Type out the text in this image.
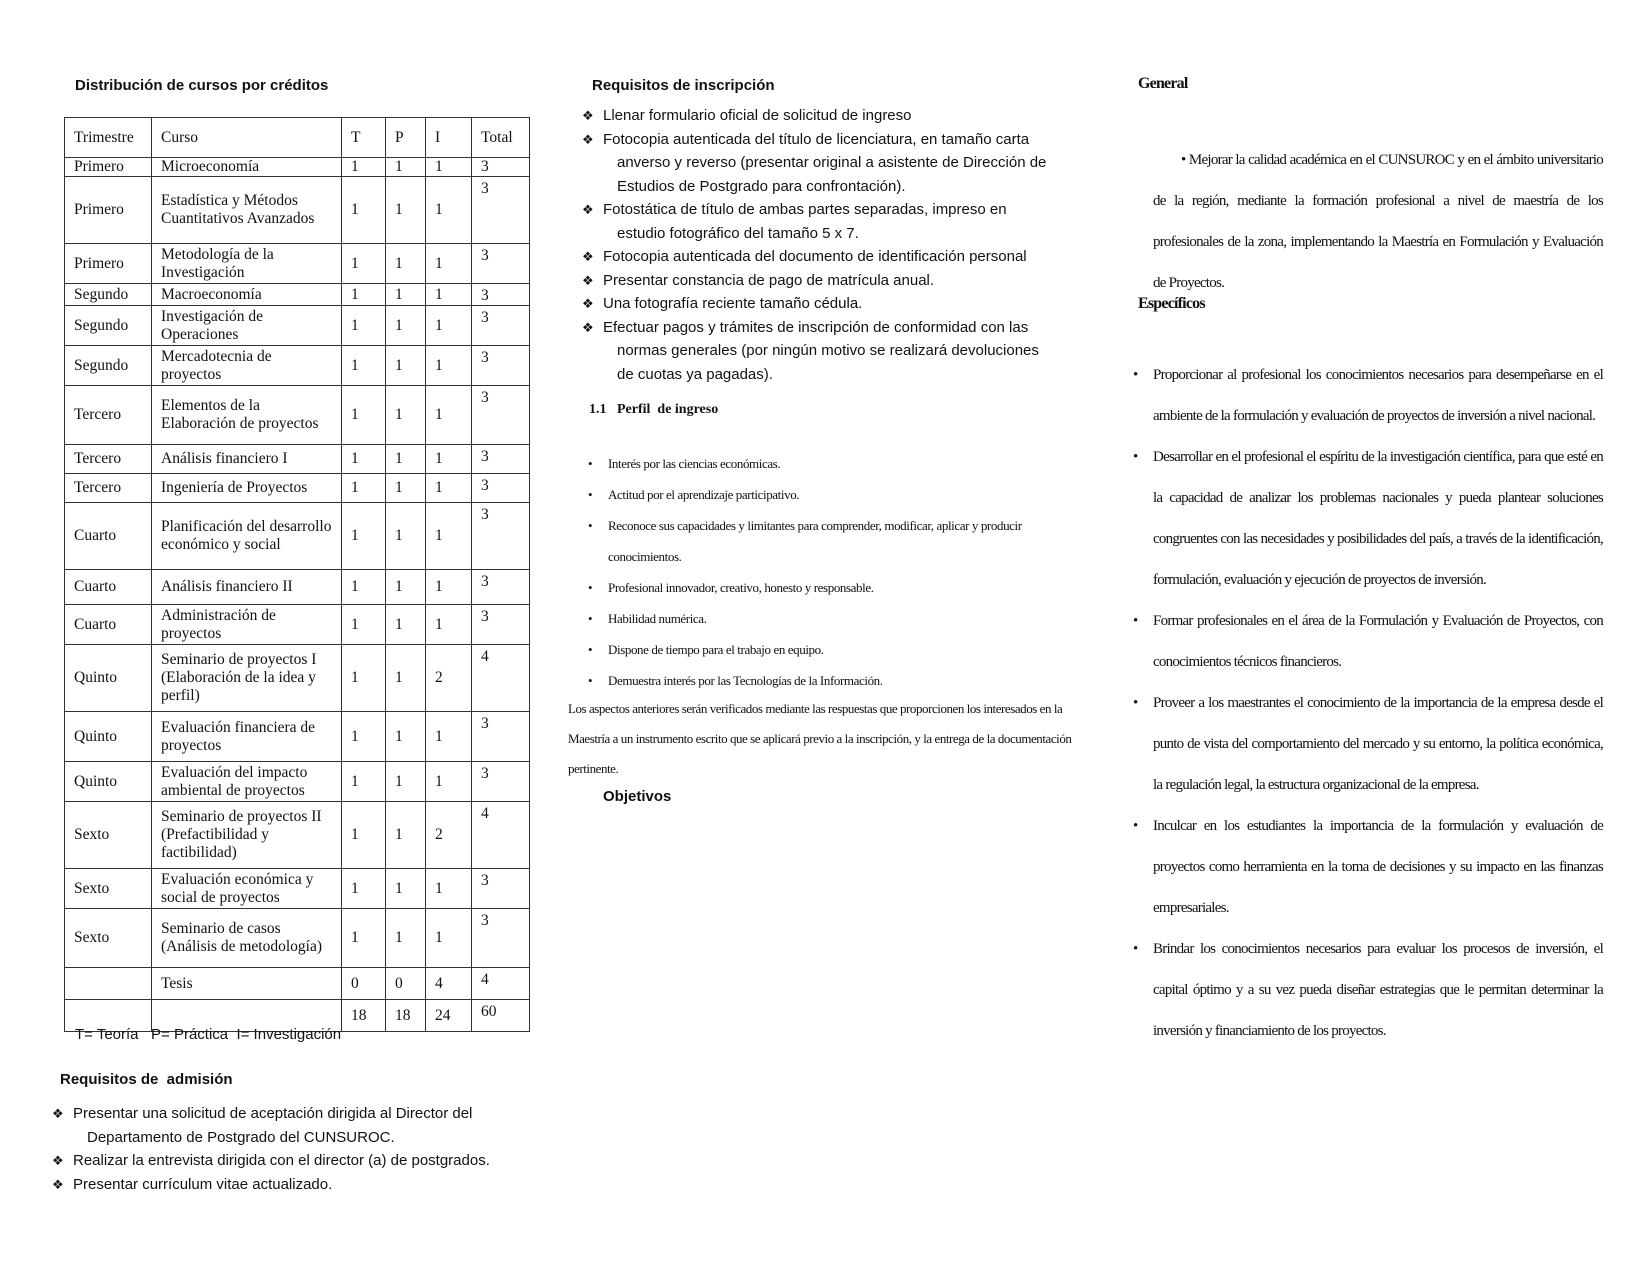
Distribución de cursos por créditos
Trimestre	Curso	T	P	I	Total
Primero	Microeconomía	1	1	1	3
Primero	Estadística y Métodos Cuantitativos Avanzados	1	1	1	3
Primero	Metodología de la Investigación	1	1	1	3
Segundo	Macroeconomía	1	1	1	3
Segundo	Investigación de Operaciones	1	1	1	3
Segundo	Mercadotecnia de proyectos	1	1	1	3
Tercero	Elementos de la Elaboración de proyectos	1	1	1	3
Tercero	Análisis financiero I	1	1	1	3
Tercero	Ingeniería de Proyectos	1	1	1	3
Cuarto	Planificación del desarrollo económico y social	1	1	1	3
Cuarto	Análisis financiero II	1	1	1	3
Cuarto	Administración de proyectos	1	1	1	3
Quinto	Seminario de proyectos I (Elaboración de la idea y perfil)	1	1	2	4
Quinto	Evaluación financiera de proyectos	1	1	1	3
Quinto	Evaluación del impacto ambiental de proyectos	1	1	1	3
Sexto	Seminario de proyectos II (Prefactibilidad y factibilidad)	1	1	2	4
Sexto	Evaluación económica y social de proyectos	1	1	1	3
Sexto	Seminario de casos (Análisis de metodología)	1	1	1	3
	Tesis	0	0	4	4
		18	18	24	60
T= Teoría   P= Práctica  I= Investigación
Requisitos de  admisión
❖ Presentar una solicitud de aceptación dirigida al Director del
Departamento de Postgrado del CUNSUROC.
❖ Realizar la entrevista dirigida con el director (a) de postgrados.
❖ Presentar currículum vitae actualizado.
Requisitos de inscripción
❖ Llenar formulario oficial de solicitud de ingreso
❖ Fotocopia autenticada del título de licenciatura, en tamaño carta
anverso y reverso (presentar original a asistente de Dirección de
Estudios de Postgrado para confrontación).
❖ Fotostática de título de ambas partes separadas, impreso en
estudio fotográfico del tamaño 5 x 7.
❖ Fotocopia autenticada del documento de identificación personal
❖ Presentar constancia de pago de matrícula anual.
❖ Una fotografía reciente tamaño cédula.
❖ Efectuar pagos y trámites de inscripción de conformidad con las
normas generales (por ningún motivo se realizará devoluciones
de cuotas ya pagadas).
1.1   Perfil  de ingreso
• Interés por las ciencias económicas.
• Actitud por el aprendizaje participativo.
• Reconoce sus capacidades y limitantes para comprender, modificar, aplicar y producir conocimientos.
• Profesional innovador, creativo, honesto y responsable.
• Habilidad numérica.
• Dispone de tiempo para el trabajo en equipo.
• Demuestra interés por las Tecnologías de la Información.
Los aspectos anteriores serán verificados mediante las respuestas que proporcionen los interesados en la Maestría a un instrumento escrito que se aplicará previo a la inscripción, y la entrega de la documentación pertinente.
Objetivos
General
• Mejorar la calidad académica en el CUNSUROC y en el ámbito universitario de la región, mediante la formación profesional a nivel de maestría de los profesionales de la zona, implementando la Maestría en Formulación y Evaluación de Proyectos.
Específicos
• Proporcionar al profesional los conocimientos necesarios para desempeñarse en el ambiente de la formulación y evaluación de proyectos de inversión a nivel nacional.
• Desarrollar en el profesional el espíritu de la investigación científica, para que esté en la capacidad de analizar los problemas nacionales y pueda plantear soluciones congruentes con las necesidades y posibilidades del país, a través de la identificación, formulación, evaluación y ejecución de proyectos de inversión.
• Formar profesionales en el área de la Formulación y Evaluación de Proyectos, con conocimientos técnicos financieros.
• Proveer a los maestrantes el conocimiento de la importancia de la empresa desde el punto de vista del comportamiento del mercado y su entorno, la política económica, la regulación legal, la estructura organizacional de la empresa.
• Inculcar en los estudiantes la importancia de la formulación y evaluación de proyectos como herramienta en la toma de decisiones y su impacto en las finanzas empresariales.
• Brindar los conocimientos necesarios para evaluar los procesos de inversión, el capital óptimo y a su vez pueda diseñar estrategias que le permitan determinar la inversión y financiamiento de los proyectos.
